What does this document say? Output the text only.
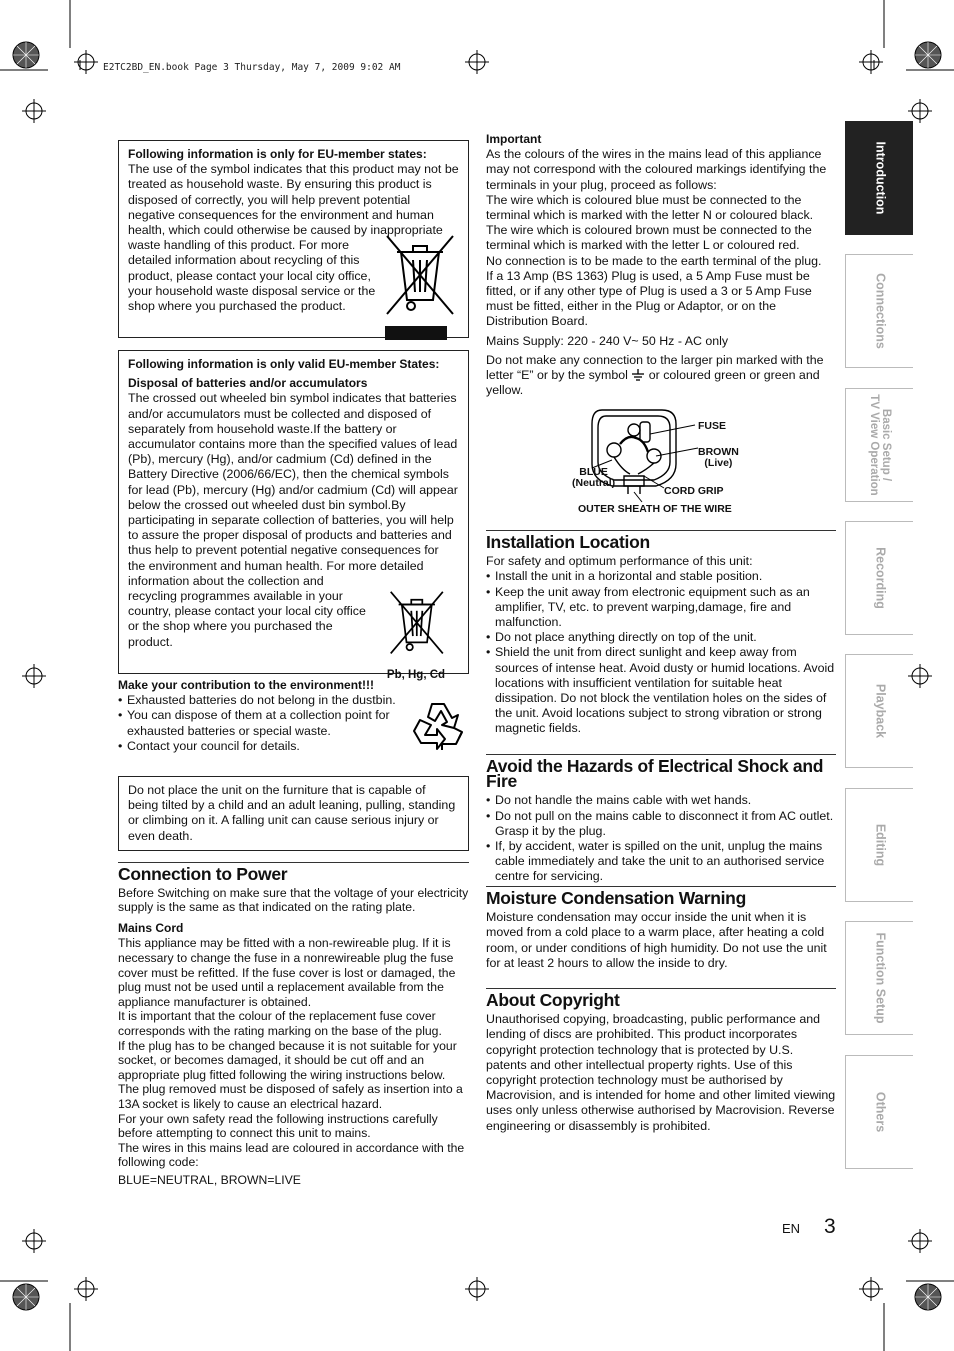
E2TC2BD_EN.book Page 3 Thursday, May 7, 2009 9:02 AM

Following information is only for EU-member states:

The use of the symbol indicates that this product may not be treated as household waste. By ensuring this product is disposed of correctly, you will help prevent potential negative consequences for the environment and human health, which could otherwise be caused by inappropriate waste handling of this product. For more detailed information about recycling of this product, please contact your local city office, your household waste disposal service or the shop where you purchased the product.

Following information is only valid EU-member States:

Disposal of batteries and/or accumulators

Pb, Hg, Cd

The crossed out wheeled bin symbol indicates that batteries and/or accumulators must be collected and disposed of separately from household waste.If the battery or accumulator contains more than the specified values of lead (Pb), mercury (Hg), and/or cadmium (Cd) defined in the Battery Directive (2006/66/EC), then the chemical symbols for lead (Pb), mercury (Hg) and/or cadmium (Cd) will appear below the crossed out wheeled dust bin symbol.By participating in separate collection of batteries, you will help to assure the proper disposal of products and batteries and thus help to prevent potential negative consequences for the environment and human health. For more detailed information about the collection and recycling programmes available in your country, please contact your local city office or the shop where you purchased the product.

Make your contribution to the environment!!!

• Exhausted batteries do not belong in the dustbin.
• You can dispose of them at a collection point for exhausted batteries or special waste.
• Contact your council for details.

Do not place the unit on the furniture that is capable of being tilted by a child and an adult leaning, pulling, standing or climbing on it. A falling unit can cause serious injury or even death.

Connection to Power

Before Switching on make sure that the voltage of your electricity supply is the same as that indicated on the rating plate.

Mains Cord

This appliance may be fitted with a non-rewireable plug. If it is necessary to change the fuse in a nonrewireable plug the fuse cover must be refitted. If the fuse cover is lost or damaged, the plug must not be used until a replacement available from the appliance manufacturer is obtained.

It is important that the colour of the replacement fuse cover corresponds with the rating marking on the base of the plug.

If the plug has to be changed because it is not suitable for your socket, or becomes damaged, it should be cut off and an appropriate plug fitted following the wiring instructions below. The plug removed must be disposed of safely as insertion into a 13A socket is likely to cause an electrical hazard.

For your own safety read the following instructions carefully before attempting to connect this unit to mains.

The wires in this mains lead are coloured in accordance with the following code:

BLUE=NEUTRAL, BROWN=LIVE

Important

As the colours of the wires in the mains lead of this appliance may not correspond with the coloured markings identifying the terminals in your plug, proceed as follows:

The wire which is coloured blue must be connected to the terminal which is marked with the letter N or coloured black.

The wire which is coloured brown must be connected to the terminal which is marked with the letter L or coloured red.

No connection is to be made to the earth terminal of the plug.

If a 13 Amp (BS 1363) Plug is used, a 5 Amp Fuse must be fitted, or if any other type of Plug is used a 3 or 5 Amp Fuse must be fitted, either in the Plug or Adaptor, or on the Distribution Board.

Mains Supply: 220 - 240 V~ 50 Hz - AC only

Do not make any connection to the larger pin marked with the letter “E” or by the symbol or coloured green or green and yellow.

FUSE
BROWN
(Live)
BLUE
(Neutral)
CORD GRIP
OUTER SHEATH OF THE WIRE
Installation Location

For safety and optimum performance of this unit:

• Install the unit in a horizontal and stable position.
• Keep the unit away from electronic equipment such as an amplifier, TV, etc. to prevent warping,damage, fire and malfunction.
• Do not place anything directly on top of the unit.
• Shield the unit from direct sunlight and keep away from sources of intense heat. Avoid dusty or humid locations. Avoid locations with insufficient ventilation for suitable heat dissipation. Do not block the ventilation holes on the sides of the unit. Avoid locations subject to strong vibration or strong magnetic fields.
Avoid the Hazards of Electrical Shock and Fire
• Do not handle the mains cable with wet hands.
• Do not pull on the mains cable to disconnect it from AC outlet. Grasp it by the plug.
• If, by accident, water is spilled on the unit, unplug the mains cable immediately and take the unit to an authorised service centre for servicing.
Moisture Condensation Warning

Moisture condensation may occur inside the unit when it is moved from a cold place to a warm place, after heating a cold room, or under conditions of high humidity. Do not use the unit for at least 2 hours to allow the inside to dry.

About Copyright

Unauthorised copying, broadcasting, public performance and lending of discs are prohibited. This product incorporates copyright protection technology that is protected by U.S. patents and other intellectual property rights. Use of this copyright protection technology must be authorised by Macrovision, and is intended for home and other limited viewing uses only unless otherwise authorised by Macrovision. Reverse engineering or disassembly is prohibited.

Introduction
Connections
Basic Setup /
TV View Operation
Recording
Playback
Editing
Function Setup
Others
EN 3
